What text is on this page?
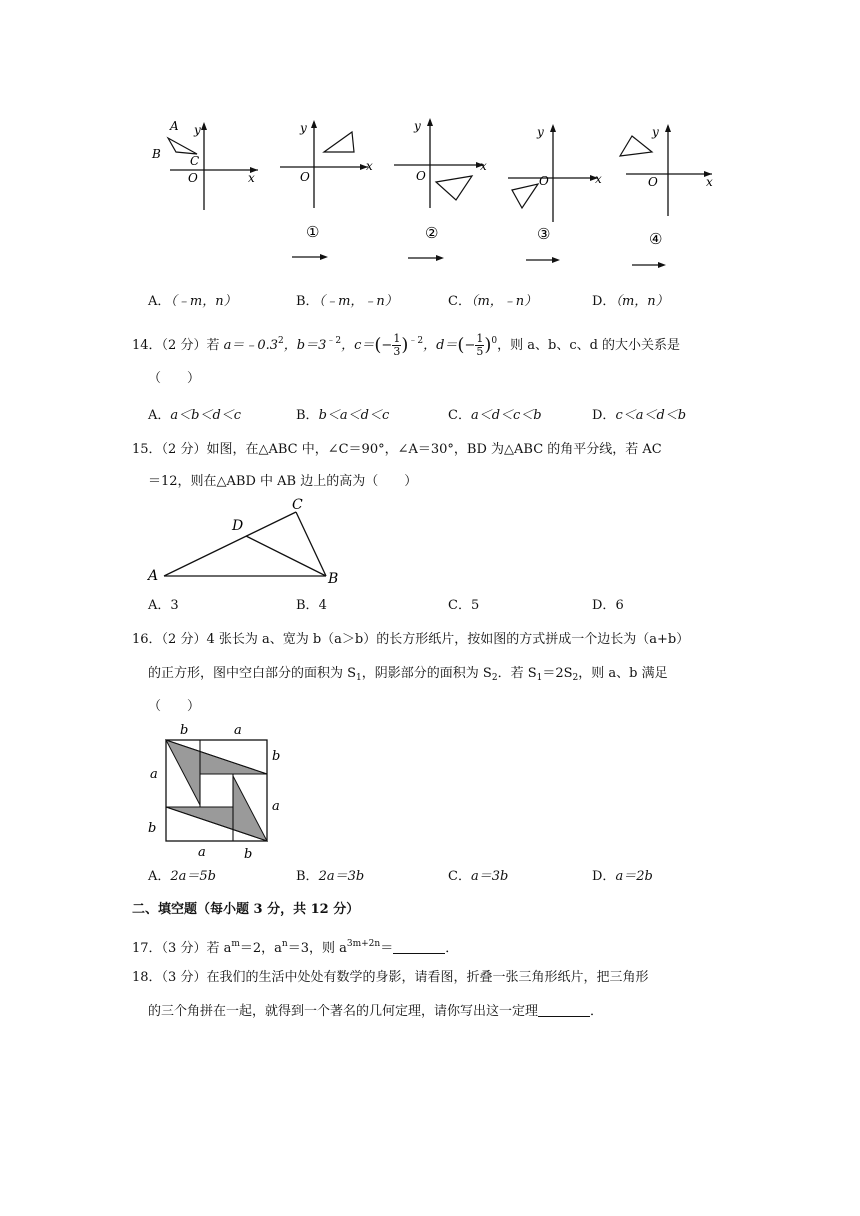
A
B C
y
x
O
y
x
O
①
y
x
O
②
y
x
O
③
y
x
O
④
A．（﹣m，n）	B．（﹣m，﹣n）	C．（m，﹣n）	D．（m，n）
14．（2 分）若 $a=﹣0.3^2$，$b=3^{﹣2}$，$c=(- \frac{1}{3} )^{﹣2}$，$d=(- \frac{1}{5} )^0$，则 a、b、c、d 的大小关系是
（　　）
A．a＜b＜d＜c	B．b＜a＜d＜c	C．a＜d＜c＜b	D．c＜a＜d＜b
15．（2 分）如图，在△ABC 中，∠C＝90°，∠A＝30°，BD 为△ABC 的角平分线，若 AC
＝12，则在△ABD 中 AB 边上的高为（　　）
A	B
C
D
A．3	B．4	C．5	D．6
16．（2 分）4 张长为 a、宽为 b（a＞b）的长方形纸片，按如图的方式拼成一个边长为（a+b）
的正方形，图中空白部分的面积为 $S_1$，阴影部分的面积为 $S_2$．若 $S_1=2S_2$，则 a、b 满足
（　　）
b	a
b
a
a
b
a	b
A．2a＝5b	B．2a＝3b	C．a＝3b	D．a＝2b
二、填空题（每小题 3 分，共 12 分）
17．（3 分）若 $a^m=2$，$a^n=3$，则 $a^{3m+2n}=$	．
18．（3 分）在我们的生活中处处有数学的身影，请看图，折叠一张三角形纸片，把三角形
的三个角拼在一起，就得到一个著名的几何定理，请你写出这一定理	．
